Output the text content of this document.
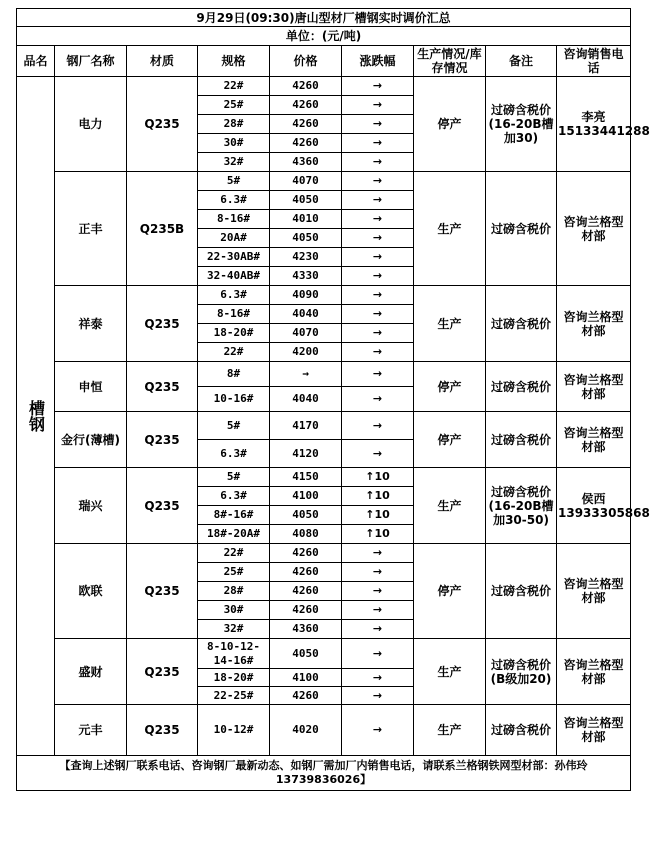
9月29日(09:30)唐山型材厂槽钢实时调价汇总								
单位：(元/吨)								
品名	钢厂名称	材质	规格	价格	涨跌幅	生产情况/库存情况	备注	咨询销售电话
槽钢	电力	Q235	22#	4260	→	停产	过磅含税价(16-20B槽加30)	李亮15133441288
			25#	4260	→			
			28#	4260	→			
			30#	4260	→			
			32#	4360	→			
	正丰	Q235B	5#	4070	→	生产	过磅含税价	咨询兰格型材部
			6.3#	4050	→			
			8-16#	4010	→			
			20A#	4050	→			
			22-30AB#	4230	→			
			32-40AB#	4330	→			
	祥泰	Q235	6.3#	4090	→	生产	过磅含税价	咨询兰格型材部
			8-16#	4040	→			
			18-20#	4070	→			
			22#	4200	→			
	申恒	Q235	8#	→	→	停产	过磅含税价	咨询兰格型材部
			10-16#	4040	→			
	金行(薄槽)	Q235	5#	4170	→	停产	过磅含税价	咨询兰格型材部
			6.3#	4120	→			
	瑞兴	Q235	5#	4150	↑10	生产	过磅含税价(16-20B槽加30-50)	侯西13933305868
			6.3#	4100	↑10			
			8#-16#	4050	↑10			
			18#-20A#	4080	↑10			
	欧联	Q235	22#	4260	→	停产	过磅含税价	咨询兰格型材部
			25#	4260	→			
			28#	4260	→			
			30#	4260	→			
			32#	4360	→			
	盛财	Q235	8-10-12-14-16#	4050	→	生产	过磅含税价(B级加20)	咨询兰格型材部
			18-20#	4100	→			
			22-25#	4260	→			
	元丰	Q235	10-12#	4020	→	生产	过磅含税价	咨询兰格型材部
【查询上述钢厂联系电话、咨询钢厂最新动态、如钢厂需加厂内销售电话，请联系兰格钢铁网型材部：孙伟玲13739836026】								
